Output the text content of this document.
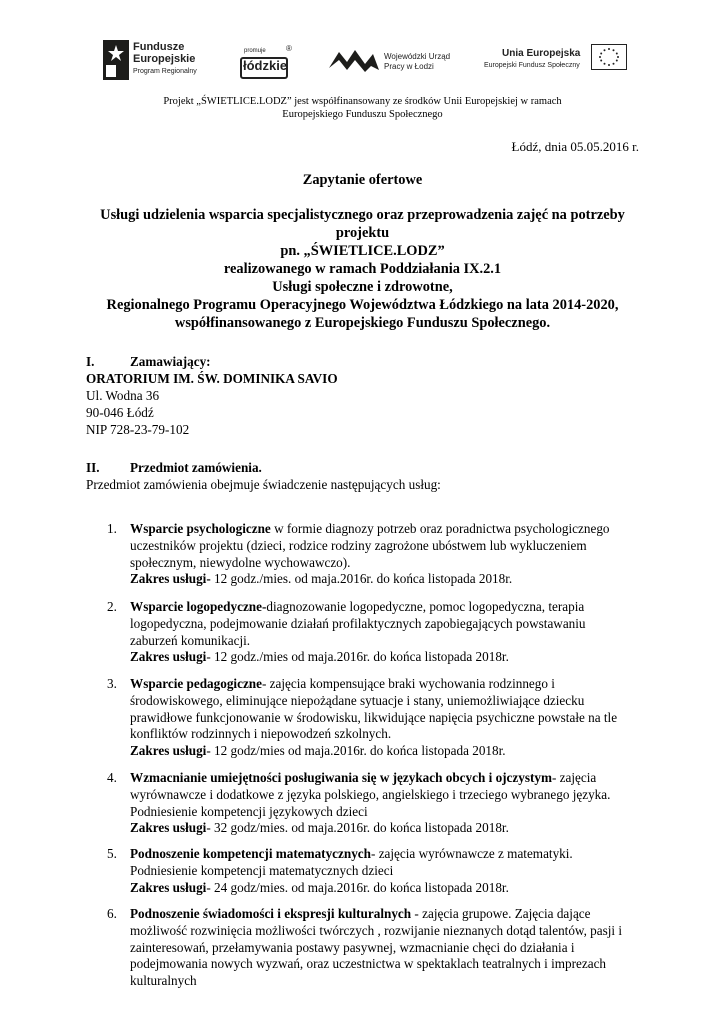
Fundusze
Europejskie
Program Regionalny
promuje
łódzkie
®
Wojewódzki Urząd
Pracy w Łodzi
Unia Europejska
Europejski Fundusz Społeczny
Projekt „ŚWIETLICE.LODZ” jest współfinansowany ze środków Unii Europejskiej w ramach
Europejskiego Funduszu Społecznego
Łódź, dnia 05.05.2016 r.
Zapytanie ofertowe
Usługi udzielenia wsparcia specjalistycznego oraz przeprowadzenia zajęć na potrzeby
projektu
pn. „ŚWIETLICE.LODZ”
realizowanego w ramach Poddziałania IX.2.1
Usługi społeczne i zdrowotne,
Regionalnego Programu Operacyjnego Województwa Łódzkiego na lata 2014-2020,
współfinansowanego z Europejskiego Funduszu Społecznego.
I.	Zamawiający:
ORATORIUM IM. ŚW. DOMINIKA SAVIO
Ul. Wodna 36
90-046 Łódź
NIP 728-23-79-102
II. Przedmiot zamówienia.
Przedmiot zamówienia obejmuje świadczenie następujących usług:
1. Wsparcie psychologiczne w formie diagnozy potrzeb oraz poradnictwa psychologicznego
uczestników projektu (dzieci, rodzice rodziny zagrożone ubóstwem lub wykluczeniem
społecznym, niewydolne wychowawczo).
Zakres usługi- 12 godz./mies. od maja.2016r. do końca listopada 2018r.
2. Wsparcie logopedyczne-diagnozowanie logopedyczne, pomoc logopedyczna, terapia
logopedyczna, podejmowanie działań profilaktycznych zapobiegających powstawaniu
zaburzeń komunikacji.
Zakres usługi- 12 godz./mies od maja.2016r. do końca listopada 2018r.
3. Wsparcie pedagogiczne- zajęcia kompensujące braki wychowania rodzinnego i
środowiskowego, eliminujące niepożądane sytuacje i stany, uniemożliwiające dziecku
prawidłowe funkcjonowanie w środowisku, likwidujące napięcia psychiczne powstałe na tle
konfliktów rodzinnych i niepowodzeń szkolnych.
Zakres usługi- 12 godz/mies od maja.2016r. do końca listopada 2018r.
4. Wzmacnianie umiejętności posługiwania się w językach obcych i ojczystym- zajęcia
wyrównawcze i dodatkowe z języka polskiego, angielskiego i trzeciego wybranego języka.
Podniesienie kompetencji językowych dzieci
Zakres usługi- 32 godz/mies. od maja.2016r. do końca listopada 2018r.
5. Podnoszenie kompetencji matematycznych- zajęcia wyrównawcze z matematyki.
Podniesienie kompetencji matematycznych dzieci
Zakres usługi- 24 godz/mies. od maja.2016r. do końca listopada 2018r.
6. Podnoszenie świadomości i ekspresji kulturalnych - zajęcia grupowe. Zajęcia dające
możliwość rozwinięcia możliwości twórczych , rozwijanie nieznanych dotąd talentów, pasji i
zainteresowań, przełamywania postawy pasywnej, wzmacnianie chęci do działania i
podejmowania nowych wyzwań, oraz uczestnictwa w spektaklach teatralnych i imprezach
kulturalnych
